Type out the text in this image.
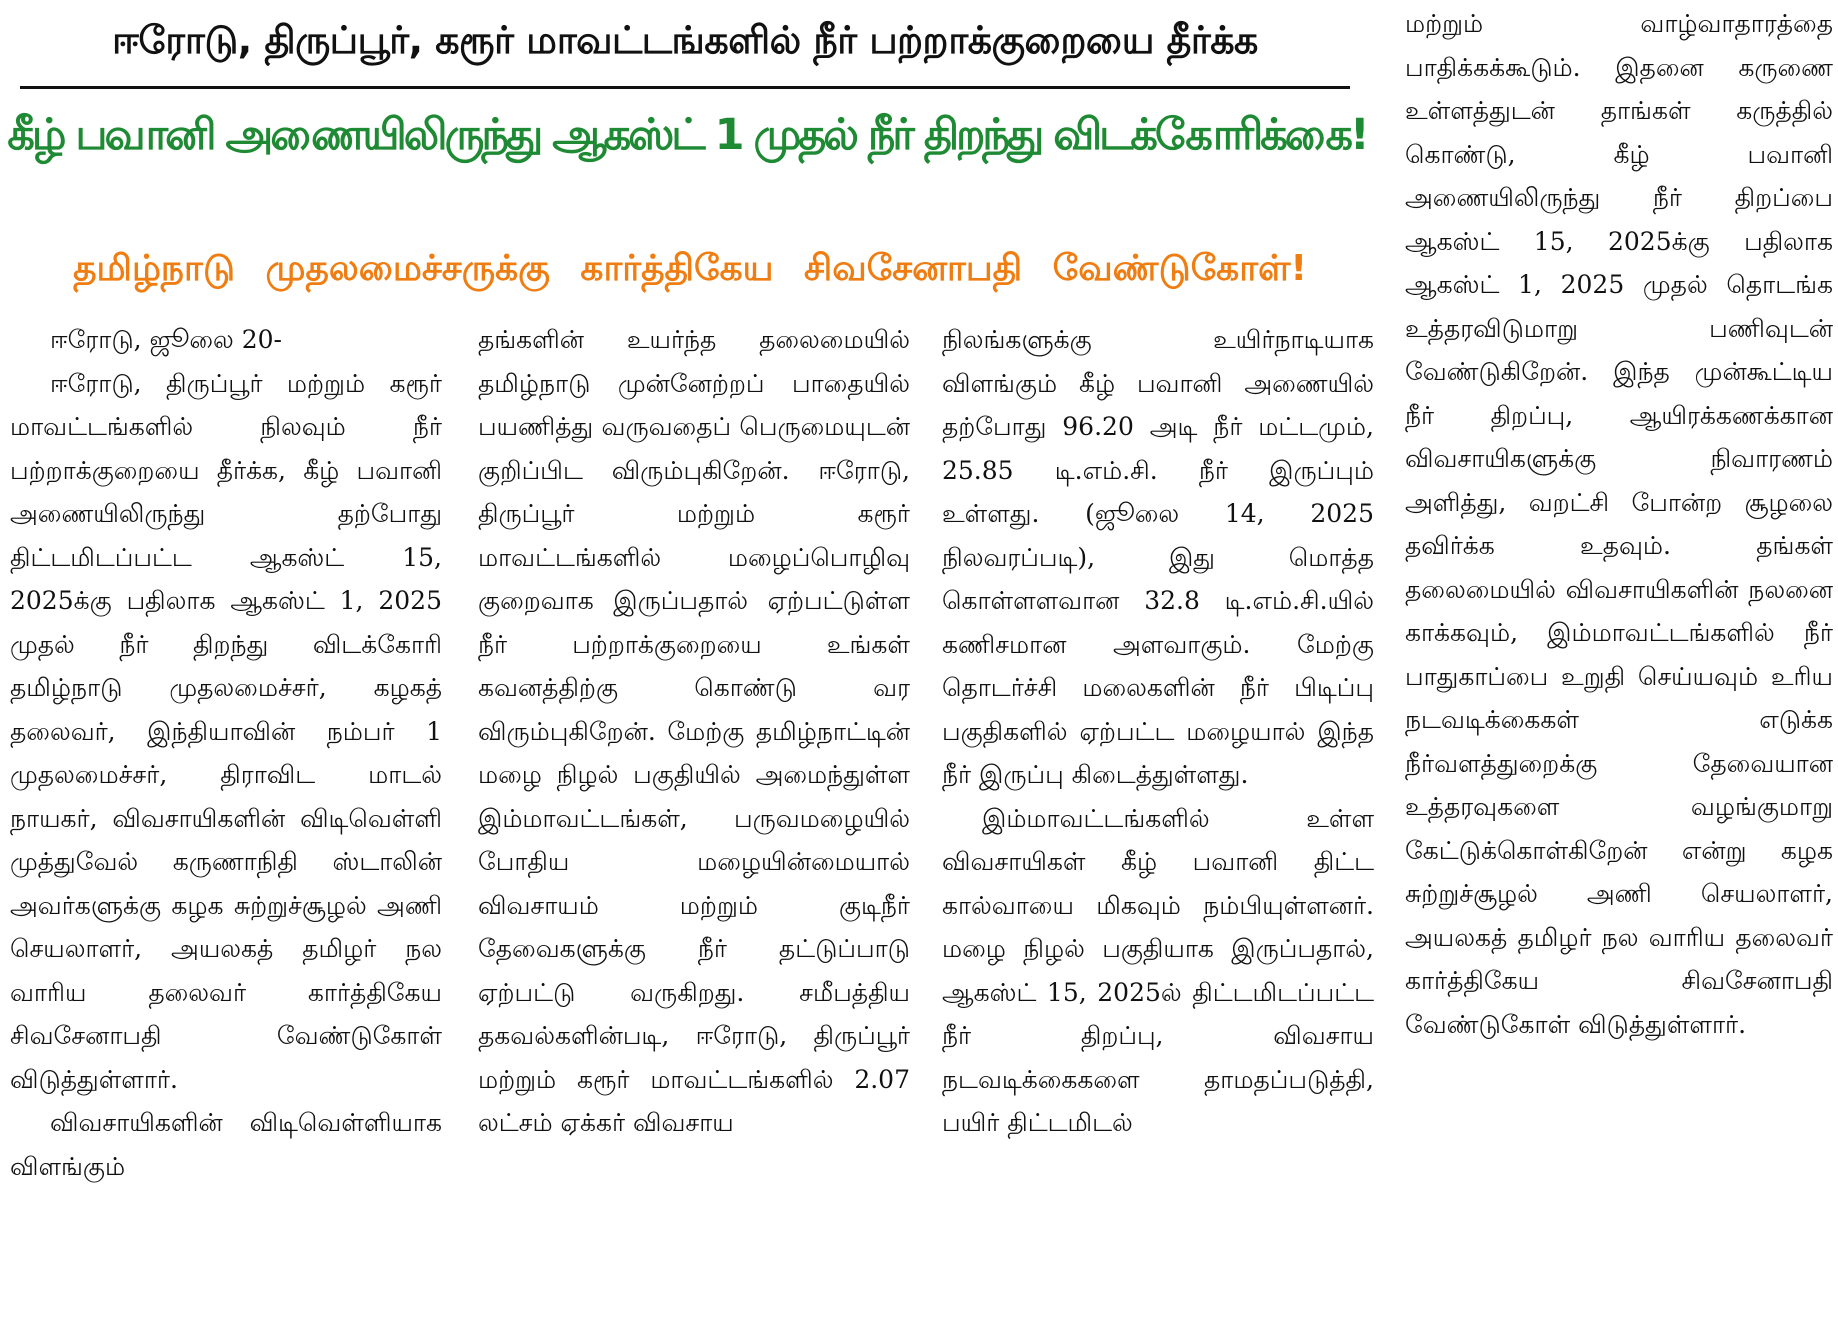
ஈரோடு, திருப்பூர், கரூர் மாவட்டங்களில் நீர் பற்றாக்குறையை தீர்க்க
கீழ் பவானி அணையிலிருந்து ஆகஸ்ட் 1 முதல் நீர் திறந்து விடக்கோரிக்கை!
தமிழ்நாடு முதலமைச்சருக்கு கார்த்திகேய சிவசேனாபதி வேண்டுகோள்!

ஈரோடு, ஜூலை 20-

ஈரோடு, திருப்பூர் மற்றும் கரூர் மாவட்டங்களில் நிலவும் நீர் பற்றாக்குறையை தீர்க்க, கீழ் பவானி அணையிலிருந்து தற்போது திட்டமிடப்பட்ட ஆகஸ்ட் 15, 2025க்கு பதிலாக ஆகஸ்ட் 1, 2025 முதல் நீர் திறந்து விடக்கோரி தமிழ்நாடு முதலமைச்சர், கழகத் தலைவர், இந்தியாவின் நம்பர் 1 முதலமைச்சர், திராவிட மாடல் நாயகர், விவசாயிகளின் விடிவெள்ளி முத்துவேல் கருணாநிதி ஸ்டாலின் அவர்களுக்கு கழக சுற்றுச்சூழல் அணி செயலாளர், அயலகத் தமிழர் நல வாரிய தலைவர் கார்த்திகேய சிவசேனாபதி வேண்டுகோள் விடுத்துள்ளார்.

விவசாயிகளின் விடிவெள்ளியாக விளங்கும்

தங்களின் உயர்ந்த தலைமையில் தமிழ்நாடு முன்னேற்றப் பாதையில் பயணித்து வருவதைப் பெருமையுடன் குறிப்பிட விரும்புகிறேன். ஈரோடு, திருப்பூர் மற்றும் கரூர் மாவட்டங்களில் மழைப்பொழிவு குறைவாக இருப்பதால் ஏற்பட்டுள்ள நீர் பற்றாக்குறையை உங்கள் கவனத்திற்கு கொண்டு வர விரும்புகிறேன். மேற்கு தமிழ்நாட்டின் மழை நிழல் பகுதியில் அமைந்துள்ள இம்மாவட்டங்கள், பருவமழையில் போதிய மழையின்மையால் விவசாயம் மற்றும் குடிநீர் தேவைகளுக்கு நீர் தட்டுப்பாடு ஏற்பட்டு வருகிறது. சமீபத்திய தகவல்களின்படி, ஈரோடு, திருப்பூர் மற்றும் கரூர் மாவட்டங்களில் 2.07 லட்சம் ஏக்கர் விவசாய

நிலங்களுக்கு உயிர்நாடியாக விளங்கும் கீழ் பவானி அணையில் தற்போது 96.20 அடி நீர் மட்டமும், 25.85 டி.எம்.சி. நீர் இருப்பும் உள்ளது. (ஜூலை 14, 2025 நிலவரப்படி), இது மொத்த கொள்ளளவான 32.8 டி.எம்.சி.யில் கணிசமான அளவாகும். மேற்கு தொடர்ச்சி மலைகளின் நீர் பிடிப்பு பகுதிகளில் ஏற்பட்ட மழையால் இந்த நீர் இருப்பு கிடைத்துள்ளது.

இம்மாவட்டங்களில் உள்ள விவசாயிகள் கீழ் பவானி திட்ட கால்வாயை மிகவும் நம்பியுள்ளனர். மழை நிழல் பகுதியாக இருப்பதால், ஆகஸ்ட் 15, 2025ல் திட்டமிடப்பட்ட நீர் திறப்பு, விவசாய நடவடிக்கைகளை தாமதப்படுத்தி, பயிர் திட்டமிடல்

மற்றும் வாழ்வாதாரத்தை பாதிக்கக்கூடும். இதனை கருணை உள்ளத்துடன் தாங்கள் கருத்தில் கொண்டு, கீழ் பவானி அணையிலிருந்து நீர் திறப்பை ஆகஸ்ட் 15, 2025க்கு பதிலாக ஆகஸ்ட் 1, 2025 முதல் தொடங்க உத்தரவிடுமாறு பணிவுடன் வேண்டுகிறேன். இந்த முன்கூட்டிய நீர் திறப்பு, ஆயிரக்கணக்கான விவசாயிகளுக்கு நிவாரணம் அளித்து, வறட்சி போன்ற சூழலை தவிர்க்க உதவும். தங்கள் தலைமையில் விவசாயிகளின் நலனை காக்கவும், இம்மாவட்டங்களில் நீர் பாதுகாப்பை உறுதி செய்யவும் உரிய நடவடிக்கைகள் எடுக்க நீர்வளத்துறைக்கு தேவையான உத்தரவுகளை வழங்குமாறு கேட்டுக்கொள்கிறேன் என்று கழக சுற்றுச்சூழல் அணி செயலாளர், அயலகத் தமிழர் நல வாரிய தலைவர் கார்த்திகேய சிவசேனாபதி வேண்டுகோள் விடுத்துள்ளார்.
